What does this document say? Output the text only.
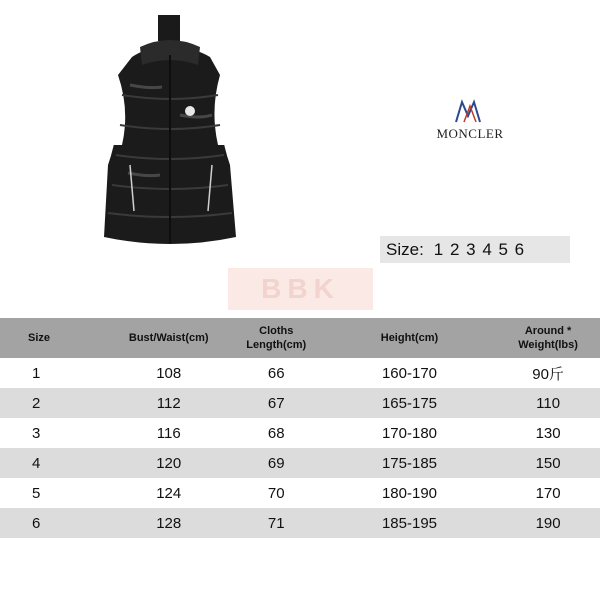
MONCLER
Size: 1 2 3 4 5 6
BBK
Size	Bust/Waist(cm)	Cloths Length(cm)	Height(cm)	Around * Weight(lbs)
1	108	66	160-170	90斤
2	112	67	165-175	110
3	116	68	170-180	130
4	120	69	175-185	150
5	124	70	180-190	170
6	128	71	185-195	190
